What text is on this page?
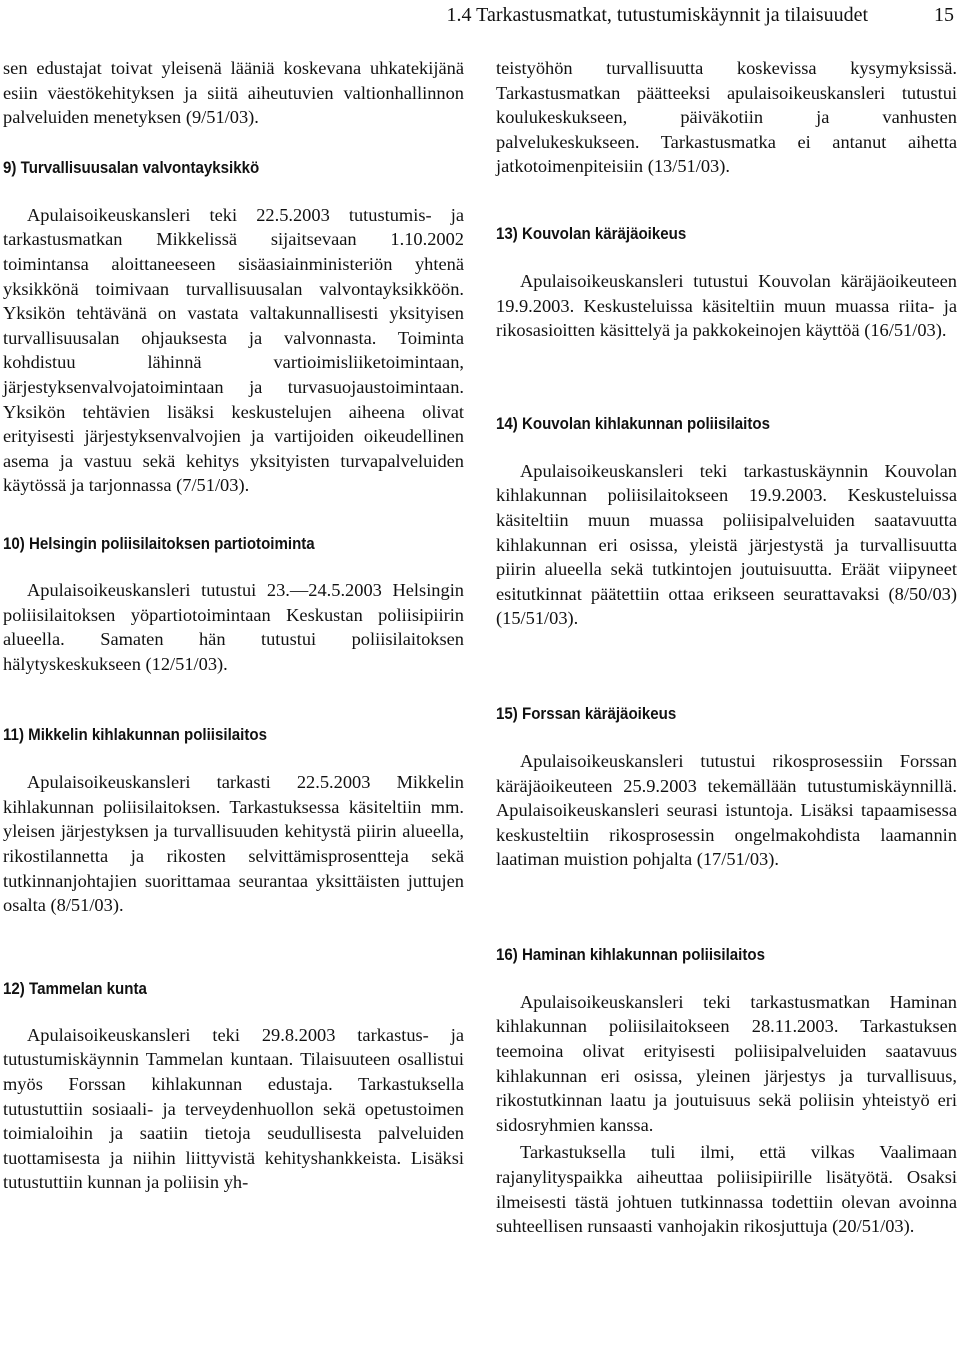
1.4 Tarkastusmatkat, tutustumiskäynnit ja tilaisuudet	15

sen edustajat toivat yleisenä lääniä koskevana uhkatekijänä esiin väestökehityksen ja siitä aiheutuvien valtionhallinnon palveluiden menetyksen (9/51/03).

9) Turvallisuusalan valvontayksikkö

Apulaisoikeuskansleri teki 22.5.2003 tutustumis- ja tarkastusmatkan Mikkelissä sijaitsevaan 1.10.2002 toimintansa aloittaneeseen sisäasiainministeriön yhtenä yksikkönä toimivaan turvallisuusalan valvontayksikköön. Yksikön tehtävänä on vastata valtakunnallisesti yksityisen turvallisuusalan ohjauksesta ja valvonnasta. Toiminta kohdistuu lähinnä vartioimisliiketoimintaan, järjestyksenvalvojatoimintaan ja turvasuojaustoimintaan. Yksikön tehtävien lisäksi keskustelujen aiheena olivat erityisesti järjestyksenvalvojien ja vartijoiden oikeudellinen asema ja vastuu sekä kehitys yksityisten turvapalveluiden käytössä ja tarjonnassa (7/51/03).

10) Helsingin poliisilaitoksen partiotoiminta

Apulaisoikeuskansleri tutustui 23.—24.5.2003 Helsingin poliisilaitoksen yöpartiotoimintaan Keskustan poliisipiirin alueella. Samaten hän tutustui poliisilaitoksen hälytyskeskukseen (12/51/03).

11) Mikkelin kihlakunnan poliisilaitos

Apulaisoikeuskansleri tarkasti 22.5.2003 Mikkelin kihlakunnan poliisilaitoksen. Tarkastuksessa käsiteltiin mm. yleisen järjestyksen ja turvallisuuden kehitystä piirin alueella, rikostilannetta ja rikosten selvittämisprosentteja sekä tutkinnanjohtajien suorittamaa seurantaa yksittäisten juttujen osalta (8/51/03).

12) Tammelan kunta

Apulaisoikeuskansleri teki 29.8.2003 tarkastus- ja tutustumiskäynnin Tammelan kuntaan. Tilaisuuteen osallistui myös Forssan kihlakunnan edustaja. Tarkastuksella tutustuttiin sosiaali- ja terveydenhuollon sekä opetustoimen toimialoihin ja saatiin tietoja seudullisesta palveluiden tuottamisesta ja niihin liittyvistä kehityshankkeista. Lisäksi tutustuttiin kunnan ja poliisin yh-

teistyöhön turvallisuutta koskevissa kysymyksissä. Tarkastusmatkan päätteeksi apulaisoikeuskansleri tutustui koulukeskukseen, päiväkotiin ja vanhusten palvelukeskukseen. Tarkastusmatka ei antanut aihetta jatkotoimenpiteisiin (13/51/03).

13) Kouvolan käräjäoikeus

Apulaisoikeuskansleri tutustui Kouvolan käräjäoikeuteen 19.9.2003. Keskusteluissa käsiteltiin muun muassa riita- ja rikosasioitten käsittelyä ja pakkokeinojen käyttöä (16/51/03).

14) Kouvolan kihlakunnan poliisilaitos

Apulaisoikeuskansleri teki tarkastuskäynnin Kouvolan kihlakunnan poliisilaitokseen 19.9.2003. Keskusteluissa käsiteltiin muun muassa poliisipalveluiden saatavuutta kihlakunnan eri osissa, yleistä järjestystä ja turvallisuutta piirin alueella sekä tutkintojen joutuisuutta. Eräät viipyneet esitutkinnat päätettiin ottaa erikseen seurattavaksi (8/50/03) (15/51/03).

15) Forssan käräjäoikeus

Apulaisoikeuskansleri tutustui rikosprosessiin Forssan käräjäoikeuteen 25.9.2003 tekemällään tutustumiskäynnillä. Apulaisoikeuskansleri seurasi istuntoja. Lisäksi tapaamisessa keskusteltiin rikosprosessin ongelmakohdista laamannin laatiman muistion pohjalta (17/51/03).

16) Haminan kihlakunnan poliisilaitos

Apulaisoikeuskansleri teki tarkastusmatkan Haminan kihlakunnan poliisilaitokseen 28.11.2003. Tarkastuksen teemoina olivat erityisesti poliisipalveluiden saatavuus kihlakunnan eri osissa, yleinen järjestys ja turvallisuus, rikostutkinnan laatu ja joutuisuus sekä poliisin yhteistyö eri sidosryhmien kanssa.

Tarkastuksella tuli ilmi, että vilkas Vaalimaan rajanylityspaikka aiheuttaa poliisipiirille lisätyötä. Osaksi ilmeisesti tästä johtuen tutkinnassa todettiin olevan avoinna suhteellisen runsaasti vanhojakin rikosjuttuja (20/51/03).
